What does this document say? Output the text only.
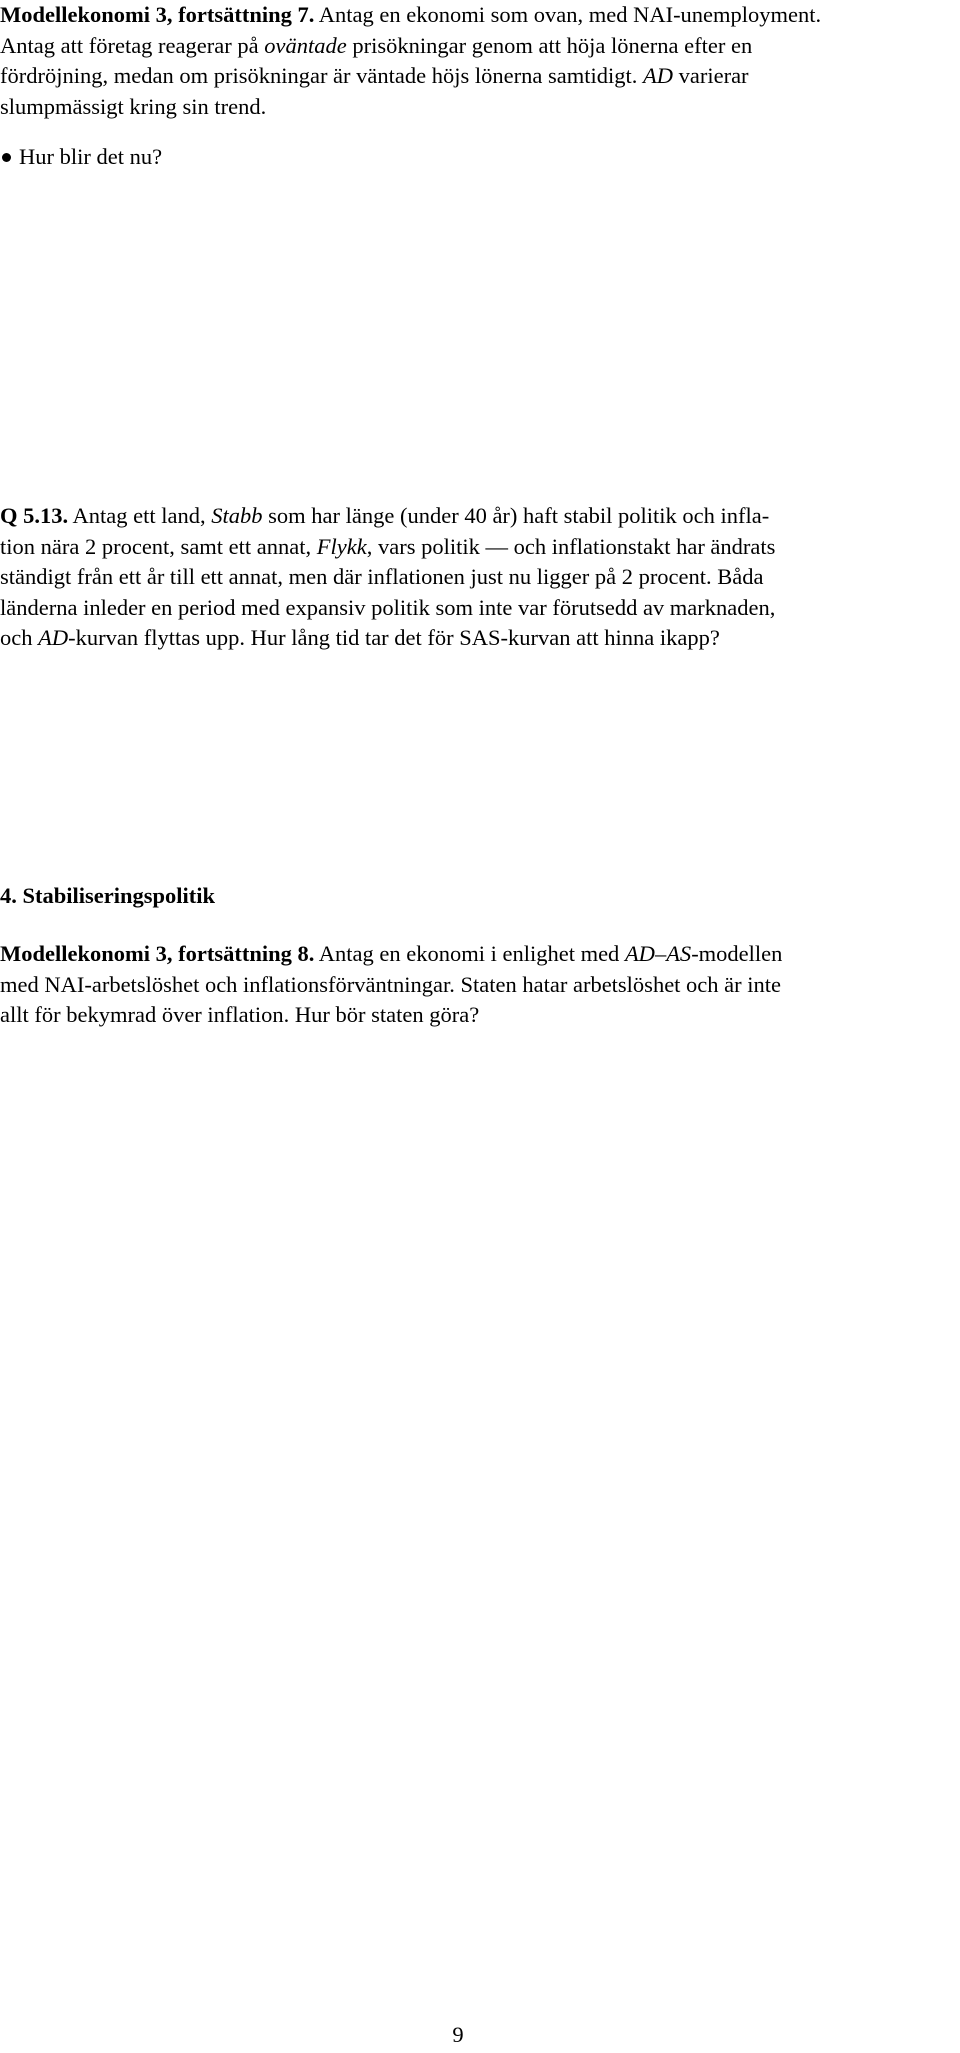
Modellekonomi 3, fortsättning 7. Antag en ekonomi som ovan, med NAI-unemployment.
Antag att företag reagerar på oväntade prisökningar genom att höja lönerna efter en
fördröjning, medan om prisökningar är väntade höjs lönerna samtidigt. AD varierar
slumpmässigt kring sin trend.
Hur blir det nu?
Q 5.13. Antag ett land, Stabb som har länge (under 40 år) haft stabil politik och infla-
tion nära 2 procent, samt ett annat, Flykk, vars politik — och inflationstakt har ändrats
ständigt från ett år till ett annat, men där inflationen just nu ligger på 2 procent. Båda
länderna inleder en period med expansiv politik som inte var förutsedd av marknaden,
och AD-kurvan flyttas upp. Hur lång tid tar det för SAS-kurvan att hinna ikapp?
4. Stabiliseringspolitik
Modellekonomi 3, fortsättning 8. Antag en ekonomi i enlighet med AD–AS-modellen
med NAI-arbetslöshet och inflationsförväntningar. Staten hatar arbetslöshet och är inte
allt för bekymrad över inflation. Hur bör staten göra?
9
